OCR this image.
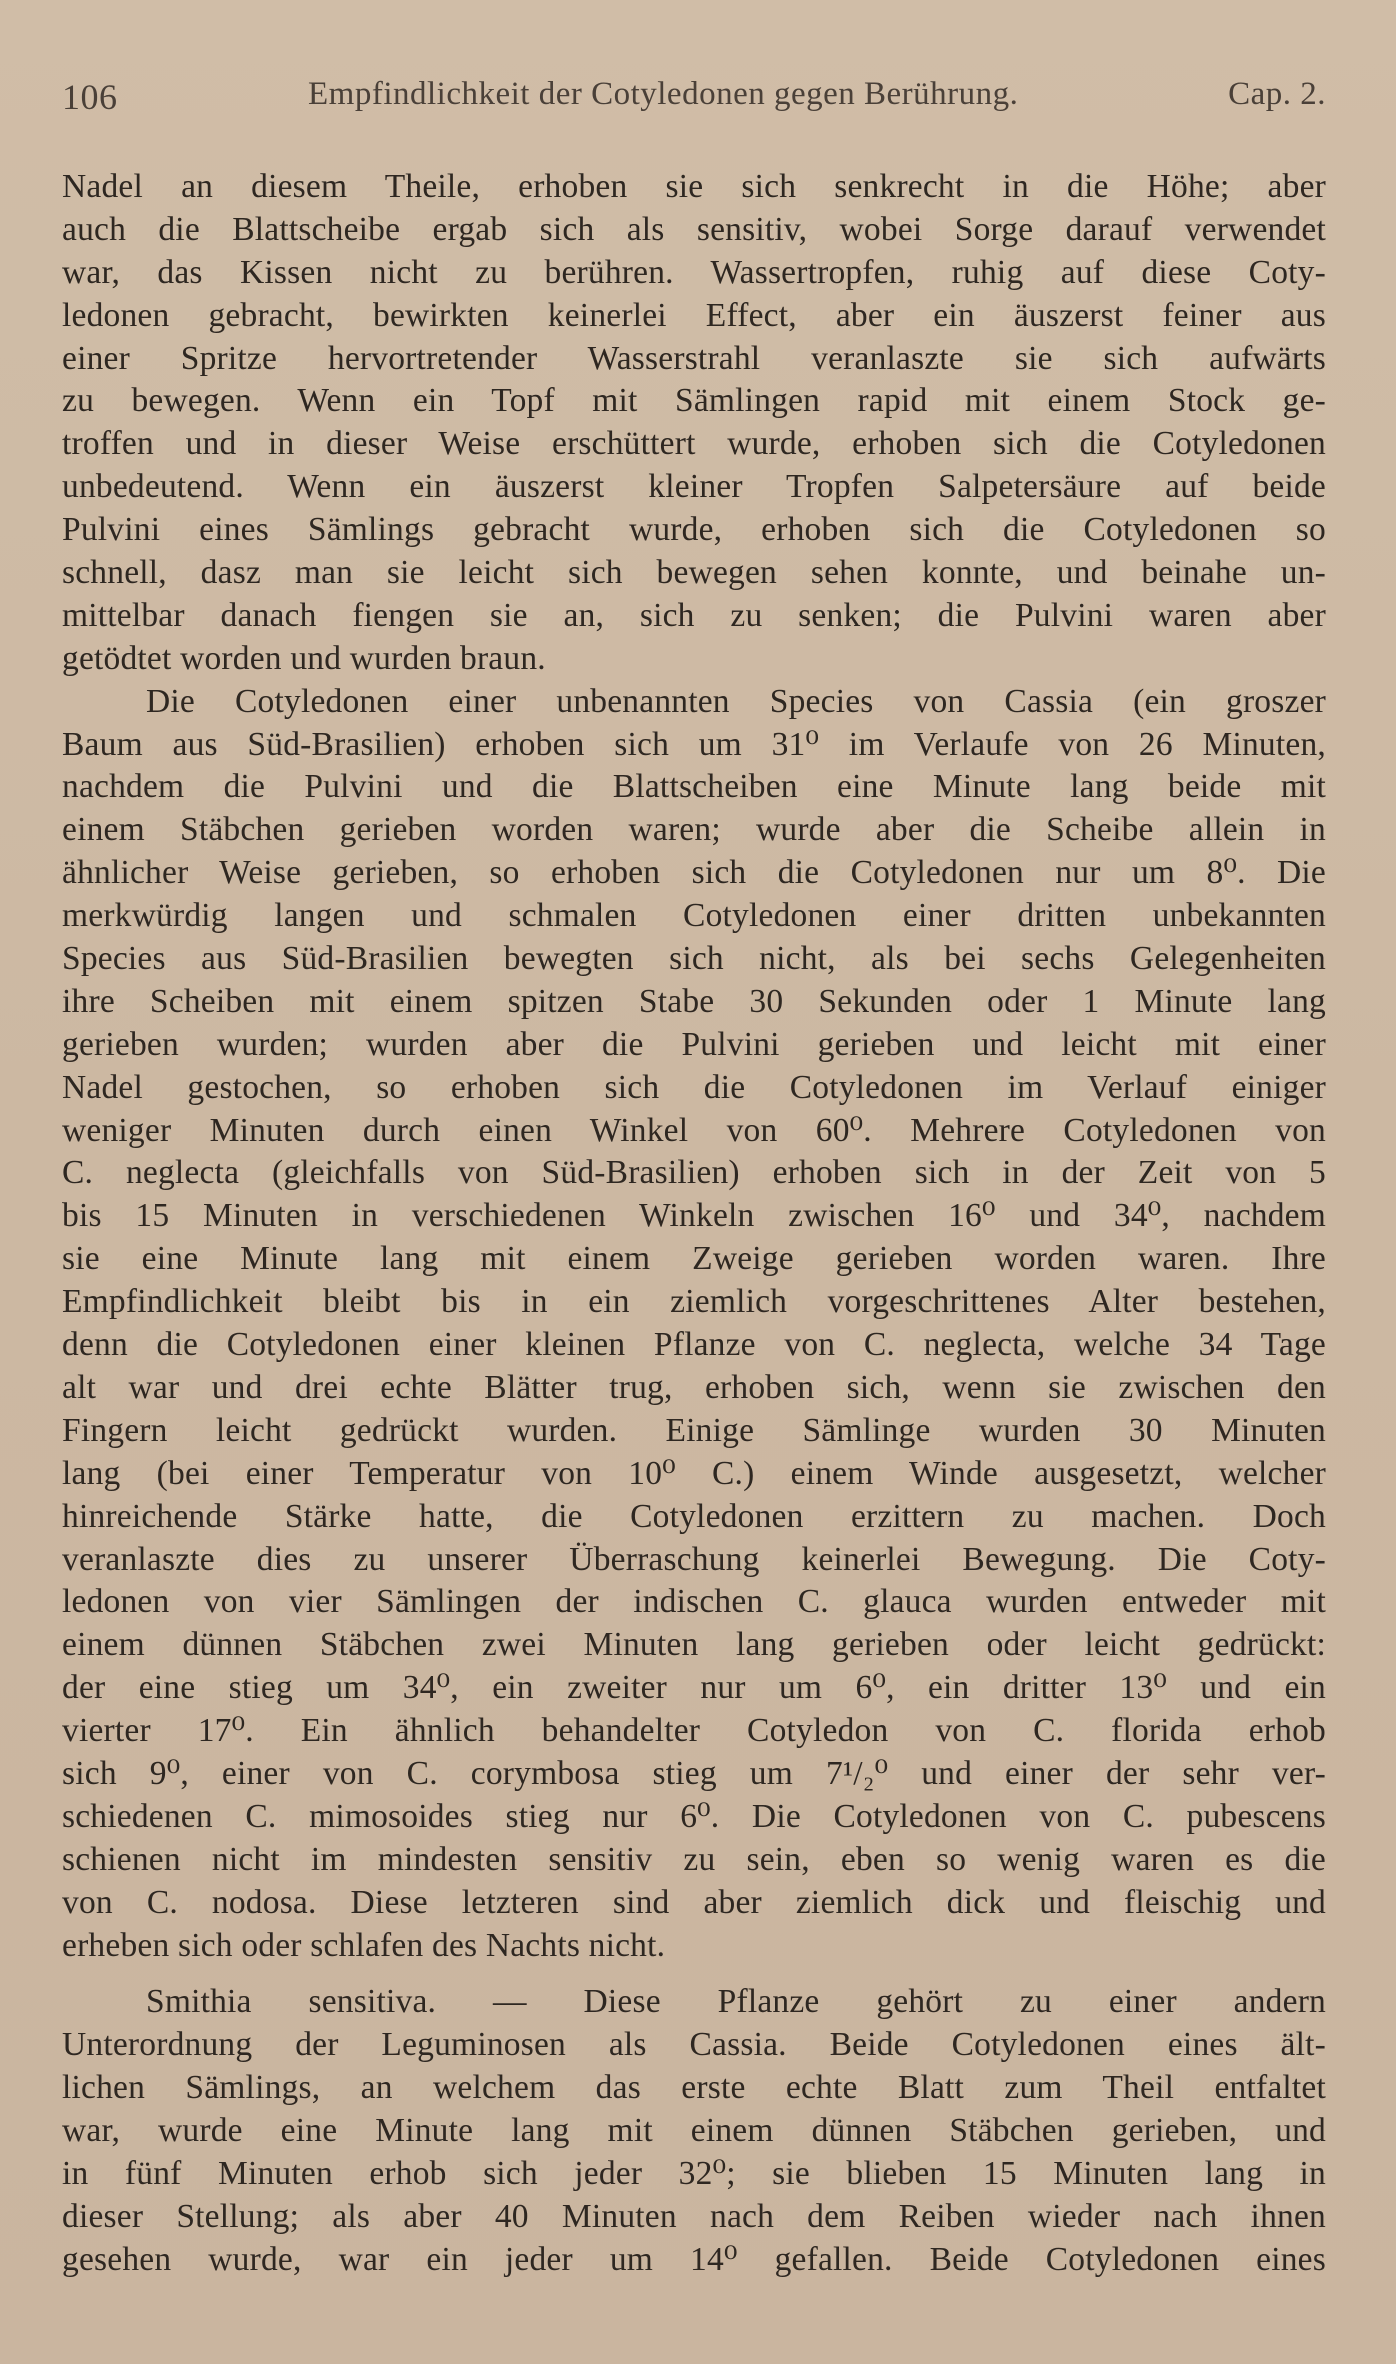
106	Empfindlichkeit der Cotyledonen gegen Berührung.	Cap. 2.
Nadel an diesem Theile, erhoben sie sich senkrecht in die Höhe; aber
auch die Blattscheibe ergab sich als sensitiv, wobei Sorge darauf verwendet
war, das Kissen nicht zu berühren. Wassertropfen, ruhig auf diese Coty-
ledonen gebracht, bewirkten keinerlei Effect, aber ein äuszerst feiner aus
einer Spritze hervortretender Wasserstrahl veranlaszte sie sich aufwärts
zu bewegen. Wenn ein Topf mit Sämlingen rapid mit einem Stock ge-
troffen und in dieser Weise erschüttert wurde, erhoben sich die Cotyledonen
unbedeutend. Wenn ein äuszerst kleiner Tropfen Salpetersäure auf beide
Pulvini eines Sämlings gebracht wurde, erhoben sich die Cotyledonen so
schnell, dasz man sie leicht sich bewegen sehen konnte, und beinahe un-
mittelbar danach fiengen sie an, sich zu senken; die Pulvini waren aber
getödtet worden und wurden braun.
Die Cotyledonen einer unbenannten Species von Cassia (ein groszer
Baum aus Süd-Brasilien) erhoben sich um 31⁰ im Verlaufe von 26 Minuten,
nachdem die Pulvini und die Blattscheiben eine Minute lang beide mit
einem Stäbchen gerieben worden waren; wurde aber die Scheibe allein in
ähnlicher Weise gerieben, so erhoben sich die Cotyledonen nur um 8⁰. Die
merkwürdig langen und schmalen Cotyledonen einer dritten unbekannten
Species aus Süd-Brasilien bewegten sich nicht, als bei sechs Gelegenheiten
ihre Scheiben mit einem spitzen Stabe 30 Sekunden oder 1 Minute lang
gerieben wurden; wurden aber die Pulvini gerieben und leicht mit einer
Nadel gestochen, so erhoben sich die Cotyledonen im Verlauf einiger
weniger Minuten durch einen Winkel von 60⁰. Mehrere Cotyledonen von
C. neglecta (gleichfalls von Süd-Brasilien) erhoben sich in der Zeit von 5
bis 15 Minuten in verschiedenen Winkeln zwischen 16⁰ und 34⁰, nachdem
sie eine Minute lang mit einem Zweige gerieben worden waren. Ihre
Empfindlichkeit bleibt bis in ein ziemlich vorgeschrittenes Alter bestehen,
denn die Cotyledonen einer kleinen Pflanze von C. neglecta, welche 34 Tage
alt war und drei echte Blätter trug, erhoben sich, wenn sie zwischen den
Fingern leicht gedrückt wurden. Einige Sämlinge wurden 30 Minuten
lang (bei einer Temperatur von 10⁰ C.) einem Winde ausgesetzt, welcher
hinreichende Stärke hatte, die Cotyledonen erzittern zu machen. Doch
veranlaszte dies zu unserer Überraschung keinerlei Bewegung. Die Coty-
ledonen von vier Sämlingen der indischen C. glauca wurden entweder mit
einem dünnen Stäbchen zwei Minuten lang gerieben oder leicht gedrückt:
der eine stieg um 34⁰, ein zweiter nur um 6⁰, ein dritter 13⁰ und ein
vierter 17⁰. Ein ähnlich behandelter Cotyledon von C. florida erhob
sich 9⁰, einer von C. corymbosa stieg um 7¹/₂⁰ und einer der sehr ver-
schiedenen C. mimosoides stieg nur 6⁰. Die Cotyledonen von C. pubescens
schienen nicht im mindesten sensitiv zu sein, eben so wenig waren es die
von C. nodosa. Diese letzteren sind aber ziemlich dick und fleischig und
erheben sich oder schlafen des Nachts nicht.
Smithia sensitiva. — Diese Pflanze gehört zu einer andern
Unterordnung der Leguminosen als Cassia. Beide Cotyledonen eines ält-
lichen Sämlings, an welchem das erste echte Blatt zum Theil entfaltet
war, wurde eine Minute lang mit einem dünnen Stäbchen gerieben, und
in fünf Minuten erhob sich jeder 32⁰; sie blieben 15 Minuten lang in
dieser Stellung; als aber 40 Minuten nach dem Reiben wieder nach ihnen
gesehen wurde, war ein jeder um 14⁰ gefallen. Beide Cotyledonen eines
